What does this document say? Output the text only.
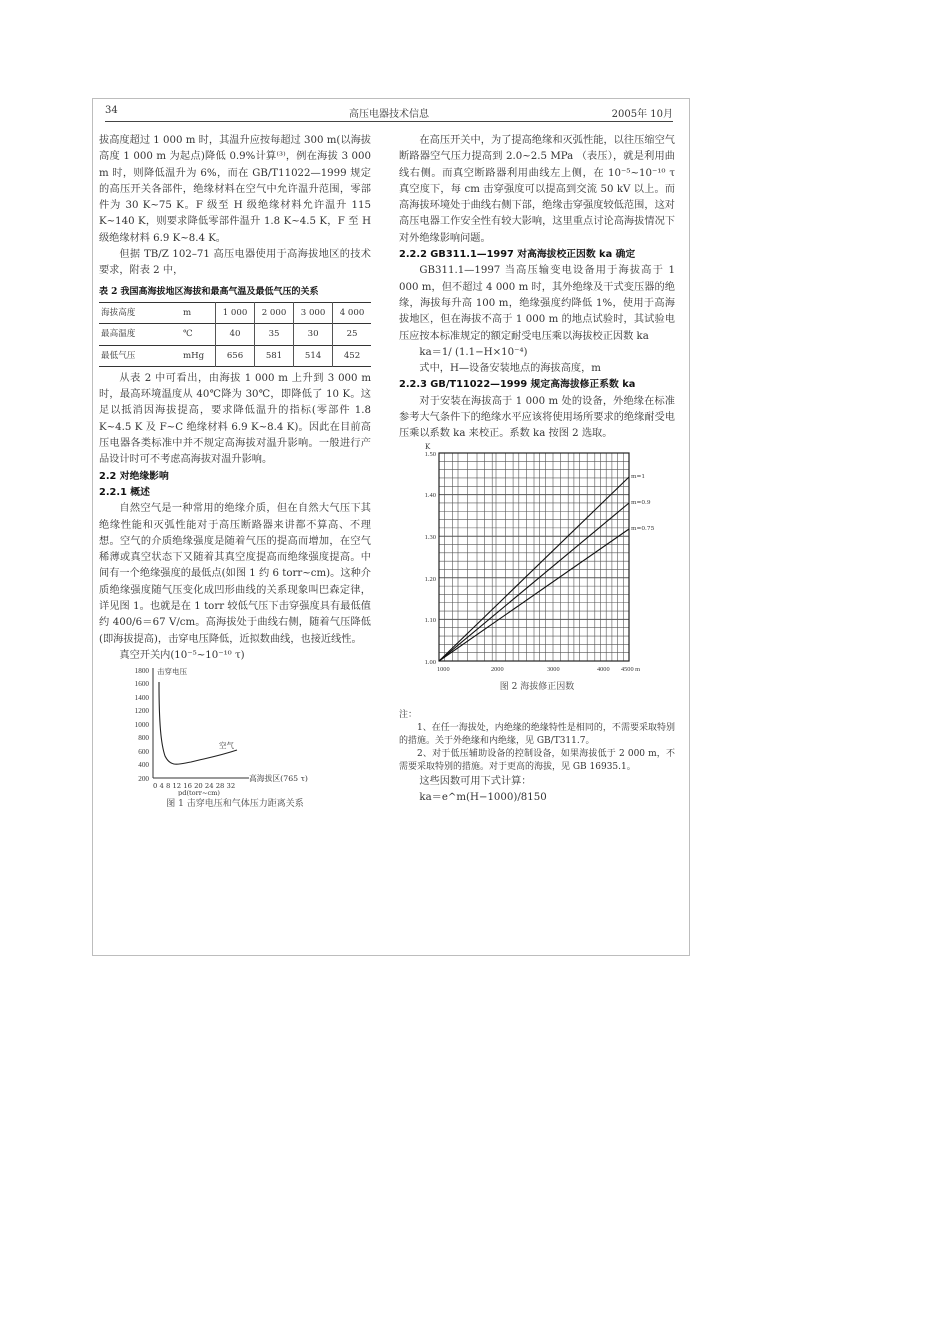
34	高压电器技术信息	2005年 10月

拔高度超过 1 000 m 时，其温升应按每超过 300 m(以海拔高度 1 000 m 为起点)降低 0.9%计算⁽³⁾，例在海拔 3 000 m 时，则降低温升为 6%，而在 GB/T11022—1999 规定的高压开关各部件，绝缘材料在空气中允许温升范围，零部件为 30 K~75 K。F 级至 H 级绝缘材料允许温升 115 K~140 K，则要求降低零部件温升 1.8 K~4.5 K，F 至 H 级绝缘材料 6.9 K~8.4 K。

但据 TB/Z 102–71 高压电器使用于高海拔地区的技术要求，附表 2 中，

表 2 我国高海拔地区海拔和最高气温及最低气压的关系
海拔高度	m	1 000	2 000	3 000	4 000
最高温度	℃	40	35	30	25
最低气压	mHg	656	581	514	452

从表 2 中可看出，由海拔 1 000 m 上升到 3 000 m 时，最高环境温度从 40℃降为 30℃，即降低了 10 K。这足以抵消因海拔提高，要求降低温升的指标(零部件 1.8 K~4.5 K 及 F~C 绝缘材料 6.9 K~8.4 K)。因此在目前高压电器各类标准中并不规定高海拔对温升影响。一般进行产品设计时可不考虑高海拔对温升影响。

2.2 对绝缘影响
2.2.1 概述

自然空气是一种常用的绝缘介质，但在自然大气压下其绝缘性能和灭弧性能对于高压断路器来讲都不算高、不理想。空气的介质绝缘强度是随着气压的提高而增加，在空气稀薄或真空状态下又随着其真空度提高而绝缘强度提高。中间有一个绝缘强度的最低点(如图 1 约 6 torr~cm)。这种介质绝缘强度随气压变化成凹形曲线的关系现象叫巴森定律，详见图 1。也就是在 1 torr 较低气压下击穿强度具有最低值约 400/6＝67 V/cm。高海拔处于曲线右侧，随着气压降低(即海拔提高)，击穿电压降低，近拟数曲线，也接近线性。

真空开关内(10⁻⁵~10⁻¹⁰ τ)

1800
1600
1400
1200
1000
800
600
400
200
击穿电压
空气
高海拔区(765 τ)
0 4 8 12 16 20 24 28 32
pd(torr~cm)
图 1 击穿电压和气体压力距离关系

在高压开关中，为了提高绝缘和灭弧性能，以往压缩空气断路器空气压力提高到 2.0~2.5 MPa （表压），就是利用曲线右侧。而真空断路器利用曲线左上侧，在 10⁻⁵~10⁻¹⁰ τ 真空度下，每 cm 击穿强度可以提高到交流 50 kV 以上。而高海拔环境处于曲线右侧下部，绝缘击穿强度较低范围，这对高压电器工作安全性有较大影响，这里重点讨论高海拔情况下对外绝缘影响问题。

2.2.2 GB311.1—1997 对高海拔校正因数 ka 确定

GB311.1—1997 当高压输变电设备用于海拔高于 1 000 m，但不超过 4 000 m 时，其外绝缘及干式变压器的绝缘，海拔每升高 100 m，绝缘强度约降低 1%，使用于高海拔地区，但在海拔不高于 1 000 m 的地点试验时，其试验电压应按本标准规定的额定耐受电压乘以海拔校正因数 ka

ka＝1/ (1.1−H×10⁻⁴)

式中，H—设备安装地点的海拔高度，m

2.2.3 GB/T11022—1999 规定高海拔修正系数 ka

对于安装在海拔高于 1 000 m 处的设备，外绝缘在标准参考大气条件下的绝缘水平应该将使用场所要求的绝缘耐受电压乘以系数 ka 来校正。系数 ka 按图 2 选取。

K
1.50
1.40
1.30
1.20
1.10
1.00
1000	2000	3000	4000 4500 m
m=1
m=0.9
m=0.75
图 2 海拔修正因数
注：

1、在任一海拔处，内绝缘的绝缘特性是相同的，不需要采取特别的措施。关于外绝缘和内绝缘，见 GB/T311.7。

2、对于低压辅助设备的控制设备，如果海拔低于 2 000 m，不需要采取特别的措施。对于更高的海拔，见 GB 16935.1。

这些因数可用下式计算：

ka＝e^m(H−1000)/8150
